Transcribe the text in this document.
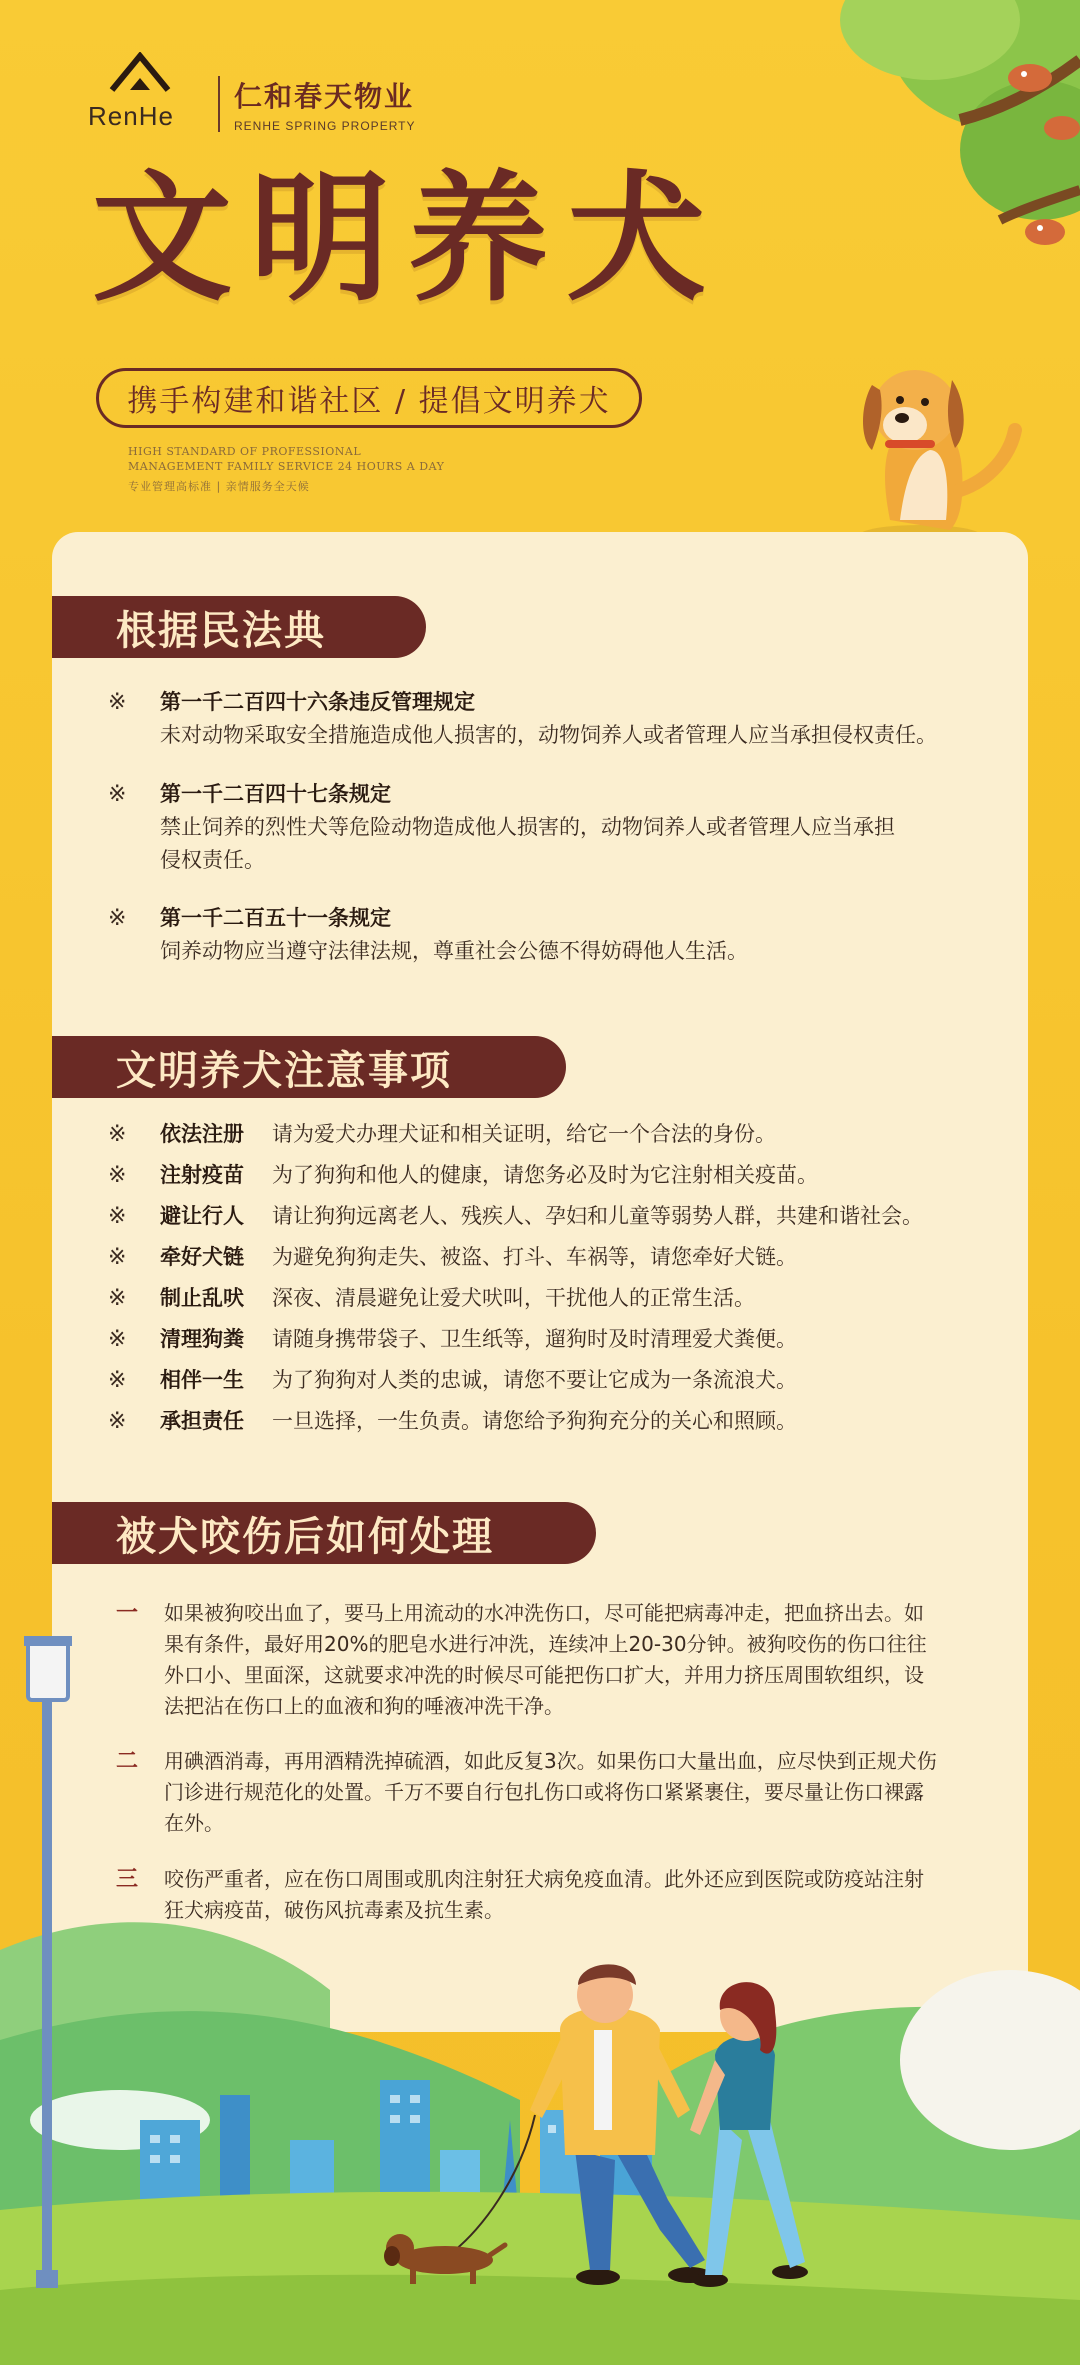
RenHe
仁和春天物业
RENHE SPRING PROPERTY
文明养犬
携手构建和谐社区 / 提倡文明养犬
HIGH STANDARD OF PROFESSIONAL
MANAGEMENT FAMILY SERVICE 24 HOURS A DAY
专业管理高标准 | 亲情服务全天候
根据民法典
※ 第一千二百四十六条违反管理规定
未对动物采取安全措施造成他人损害的，动物饲养人或者管理人应当承担侵权责任。
※ 第一千二百四十七条规定
禁止饲养的烈性犬等危险动物造成他人损害的，动物饲养人或者管理人应当承担
侵权责任。
※ 第一千二百五十一条规定
饲养动物应当遵守法律法规，尊重社会公德不得妨碍他人生活。
文明养犬注意事项
※ 依法注册	请为爱犬办理犬证和相关证明，给它一个合法的身份。
※ 注射疫苗	为了狗狗和他人的健康，请您务必及时为它注射相关疫苗。
※ 避让行人	请让狗狗远离老人、残疾人、孕妇和儿童等弱势人群，共建和谐社会。
※ 牵好犬链	为避免狗狗走失、被盗、打斗、车祸等，请您牵好犬链。
※ 制止乱吠	深夜、清晨避免让爱犬吠叫，干扰他人的正常生活。
※ 清理狗粪	请随身携带袋子、卫生纸等，遛狗时及时清理爱犬粪便。
※ 相伴一生	为了狗狗对人类的忠诚，请您不要让它成为一条流浪犬。
※ 承担责任	一旦选择，一生负责。请您给予狗狗充分的关心和照顾。
被犬咬伤后如何处理
一 如果被狗咬出血了，要马上用流动的水冲洗伤口，尽可能把病毒冲走，把血挤出去。如
果有条件，最好用20%的肥皂水进行冲洗，连续冲上20-30分钟。被狗咬伤的伤口往往
外口小、里面深，这就要求冲洗的时候尽可能把伤口扩大，并用力挤压周围软组织，设
法把沾在伤口上的血液和狗的唾液冲洗干净。
二 用碘酒消毒，再用酒精洗掉硫酒，如此反复3次。如果伤口大量出血，应尽快到正规犬伤
门诊进行规范化的处置。千万不要自行包扎伤口或将伤口紧紧裹住，要尽量让伤口裸露
在外。
三 咬伤严重者，应在伤口周围或肌肉注射狂犬病免疫血清。此外还应到医院或防疫站注射
狂犬病疫苗，破伤风抗毒素及抗生素。
